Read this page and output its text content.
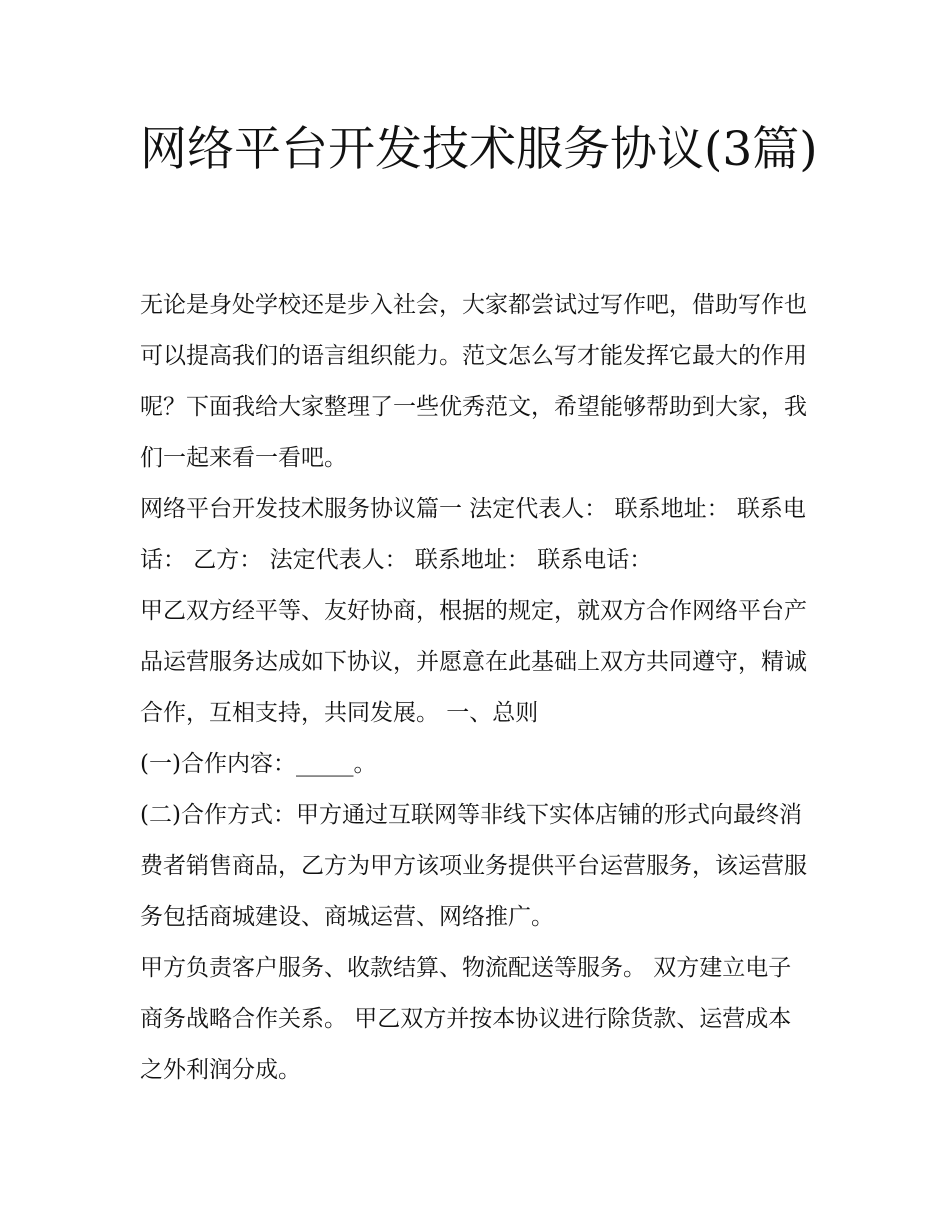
网络平台开发技术服务协议(3篇)

无论是身处学校还是步入社会，大家都尝试过写作吧，借助写作也可以提高我们的语言组织能力。范文怎么写才能发挥它最大的作用呢？下面我给大家整理了一些优秀范文，希望能够帮助到大家，我们一起来看一看吧。

网络平台开发技术服务协议篇一 法定代表人： 联系地址： 联系电话： 乙方： 法定代表人： 联系地址： 联系电话：

甲乙双方经平等、友好协商，根据的规定，就双方合作网络平台产品运营服务达成如下协议，并愿意在此基础上双方共同遵守，精诚合作，互相支持，共同发展。 一、总则

(一)合作内容：_____。

(二)合作方式：甲方通过互联网等非线下实体店铺的形式向最终消费者销售商品，乙方为甲方该项业务提供平台运营服务，该运营服务包括商城建设、商城运营、网络推广。

甲方负责客户服务、收款结算、物流配送等服务。 双方建立电子商务战略合作关系。 甲乙双方并按本协议进行除货款、运营成本之外利润分成。
